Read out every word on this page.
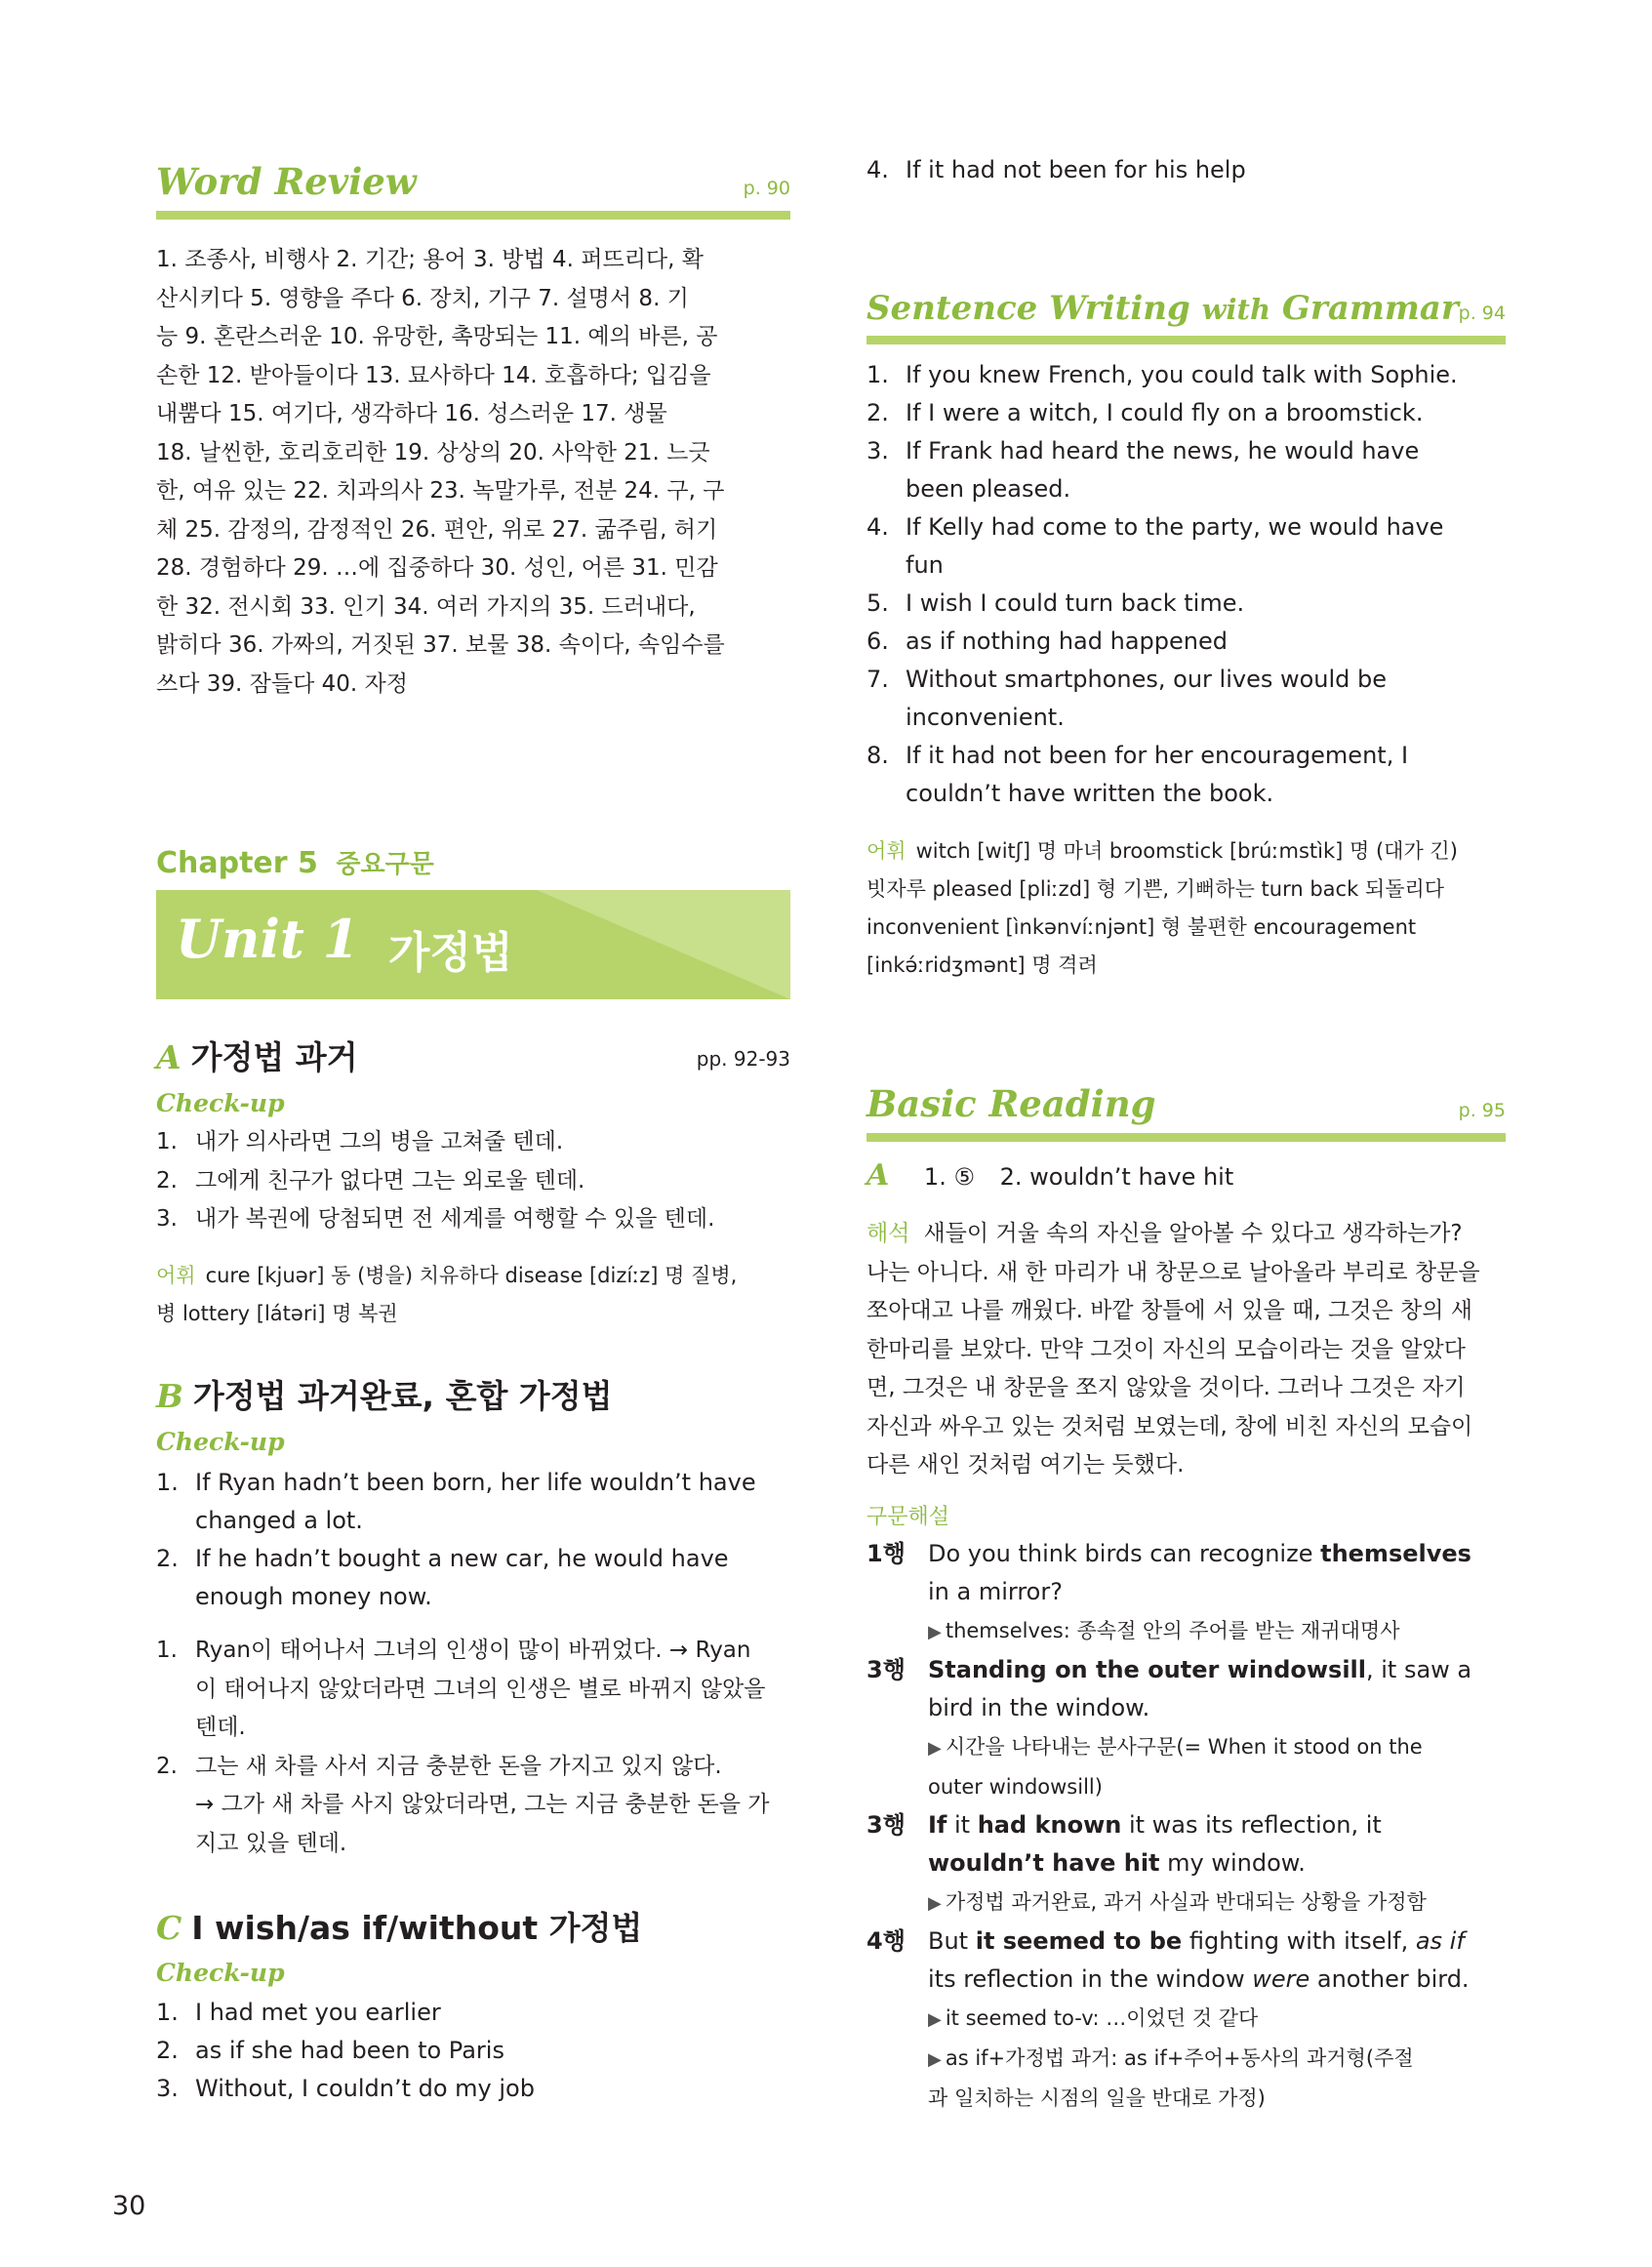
Word Review	p. 90
1. 조종사, 비행사 2. 기간; 용어 3. 방법 4. 퍼뜨리다, 확
산시키다 5. 영향을 주다 6. 장치, 기구 7. 설명서 8. 기
능 9. 혼란스러운 10. 유망한, 촉망되는 11. 예의 바른, 공
손한 12. 받아들이다 13. 묘사하다 14. 호흡하다; 입김을
내뿜다 15. 여기다, 생각하다 16. 성스러운 17. 생물
18. 날씬한, 호리호리한 19. 상상의 20. 사악한 21. 느긋
한, 여유 있는 22. 치과의사 23. 녹말가루, 전분 24. 구, 구
체 25. 감정의, 감정적인 26. 편안, 위로 27. 굶주림, 허기
28. 경험하다 29. …에 집중하다 30. 성인, 어른 31. 민감
한 32. 전시회 33. 인기 34. 여러 가지의 35. 드러내다,
밝히다 36. 가짜의, 거짓된 37. 보물 38. 속이다, 속임수를
쓰다 39. 잠들다 40. 자정
Chapter 5 중요구문
Unit 1 가정법
A 가정법 과거	pp. 92-93
Check-up
1. 내가 의사라면 그의 병을 고쳐줄 텐데.
2. 그에게 친구가 없다면 그는 외로울 텐데.
3. 내가 복권에 당첨되면 전 세계를 여행할 수 있을 텐데.
어휘 cure [kjuər] 동 (병을) 치유하다 disease [dizíːz] 명 질병,
병 lottery [látəri] 명 복권
B 가정법 과거완료, 혼합 가정법
Check-up
1. If Ryan hadn’t been born, her life wouldn’t have
changed a lot.
2. If he hadn’t bought a new car, he would have
enough money now.
1. Ryan이 태어나서 그녀의 인생이 많이 바뀌었다. → Ryan
이 태어나지 않았더라면 그녀의 인생은 별로 바뀌지 않았을
텐데.
2. 그는 새 차를 사서 지금 충분한 돈을 가지고 있지 않다.
→ 그가 새 차를 사지 않았더라면, 그는 지금 충분한 돈을 가
지고 있을 텐데.
C I wish/as if/without 가정법
Check-up
1. I had met you earlier
2. as if she had been to Paris
3. Without, I couldn’t do my job
4. If it had not been for his help
Sentence Writing with Grammar p. 94
1. If you knew French, you could talk with Sophie.
2. If I were a witch, I could fly on a broomstick.
3. If Frank had heard the news, he would have
been pleased.
4. If Kelly had come to the party, we would have
fun
5. I wish I could turn back time.
6. as if nothing had happened
7. Without smartphones, our lives would be
inconvenient.
8. If it had not been for her encouragement, I
couldn’t have written the book.
어휘 witch [witʃ] 명 마녀 broomstick [brúːmstìk] 명 (대가 긴)
빗자루 pleased [pliːzd] 형 기쁜, 기뻐하는 turn back 되돌리다
inconvenient [ìnkənvíːnjənt] 형 불편한 encouragement
[inkə́ːridʒmənt] 명 격려
Basic Reading	p. 95
A 1. ⑤ 2. wouldn’t have hit
해석 새들이 거울 속의 자신을 알아볼 수 있다고 생각하는가?
나는 아니다. 새 한 마리가 내 창문으로 날아올라 부리로 창문을
쪼아대고 나를 깨웠다. 바깥 창틀에 서 있을 때, 그것은 창의 새
한마리를 보았다. 만약 그것이 자신의 모습이라는 것을 알았다
면, 그것은 내 창문을 쪼지 않았을 것이다. 그러나 그것은 자기
자신과 싸우고 있는 것처럼 보였는데, 창에 비친 자신의 모습이
다른 새인 것처럼 여기는 듯했다.
구문해설
1행 Do you think birds can recognize themselves
in a mirror?
▶ themselves: 종속절 안의 주어를 받는 재귀대명사
3행 Standing on the outer windowsill, it saw a
bird in the window.
▶ 시간을 나타내는 분사구문(= When it stood on the
outer windowsill)
3행 If it had known it was its reflection, it
wouldn’t have hit my window.
▶ 가정법 과거완료, 과거 사실과 반대되는 상황을 가정함
4행 But it seemed to be fighting with itself, as if
its reflection in the window were another bird.
▶ it seemed to-v: …이었던 것 같다
▶ as if+가정법 과거: as if+주어+동사의 과거형(주절
과 일치하는 시점의 일을 반대로 가정)
30
